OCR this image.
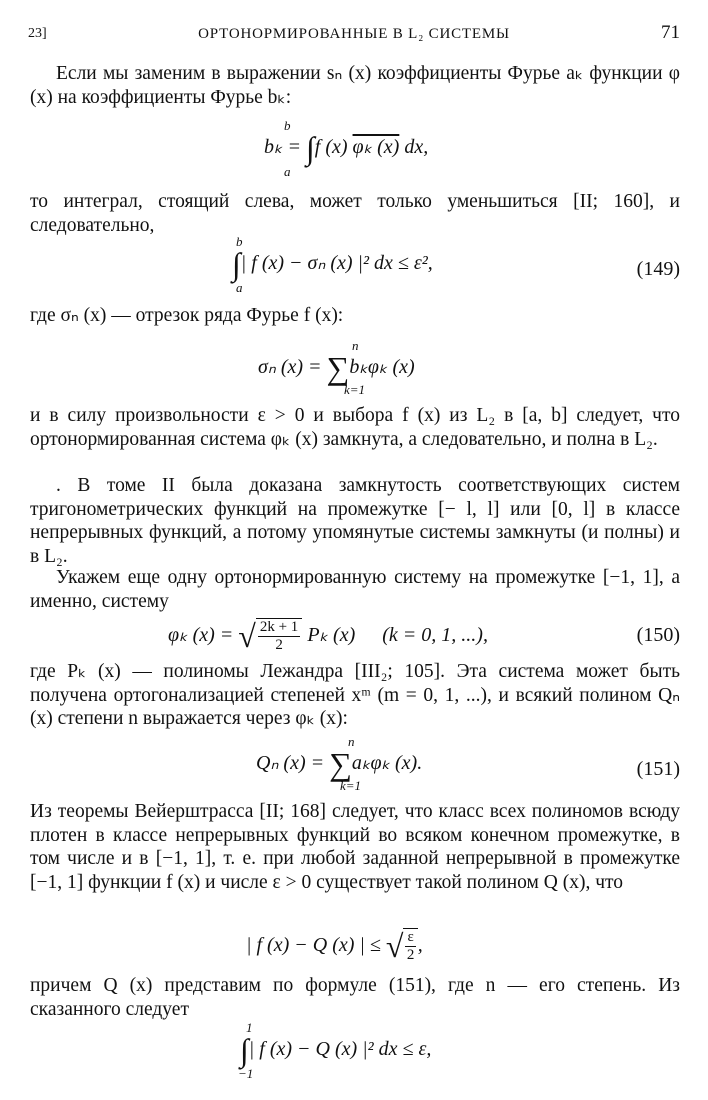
23]	ОРТОНОРМИРОВАННЫЕ В L₂ СИСТЕМЫ	71
Если мы заменим в выражении sₙ (x) коэффициенты Фурье aₖ функции φ (x) на коэффициенты Фурье bₖ:
b
bₖ = ∫f (x) φₖ (x) dx,
a
то интеграл, стоящий слева, может только уменьшиться [II; 160], и следовательно,
b
∫| f (x) − σₙ (x) |² dx ≤ ε²,
a
(149)
где σₙ (x) — отрезок ряда Фурье f (x):
n
σₙ (x) = ∑bₖφₖ (x)
k=1
и в силу произвольности ε > 0 и выбора f (x) из L₂ в [a, b] следует, что ортонормированная система φₖ (x) замкнута, а следовательно, и полна в L₂.
. В томе II была доказана замкнутость соответствующих систем тригонометрических функций на промежутке [− l, l] или [0, l] в классе непрерывных функций, а потому упомянутые системы замкнуты (и полны) и в L₂.
Укажем еще одну ортонормированную систему на промежутке [−1, 1], а именно, систему
φₖ (x) = √ $\frac{2k + 1}{2}$ Pₖ (x) (k = 0, 1, ...),	(150)
где Pₖ (x) — полиномы Лежандра [III₂; 105]. Эта система может быть получена ортогонализацией степеней xᵐ (m = 0, 1, ...), и всякий полином Qₙ (x) степени n выражается через φₖ (x):
n
Qₙ (x) = ∑aₖφₖ (x).
k=1
(151)
Из теоремы Вейерштрасса [II; 168] следует, что класс всех полиномов всюду плотен в классе непрерывных функций во всяком конечном промежутке, в том числе и в [−1, 1], т. е. при любой заданной непрерывной в промежутке [−1, 1] функции f (x) и числе ε > 0 существует такой полином Q (x), что
| f (x) − Q (x) | ≤ √ $\frac{\varepsilon}{2}$ ,
причем Q (x) представим по формуле (151), где n — его степень. Из сказанного следует
1
∫| f (x) − Q (x) |² dx ≤ ε,
−1
